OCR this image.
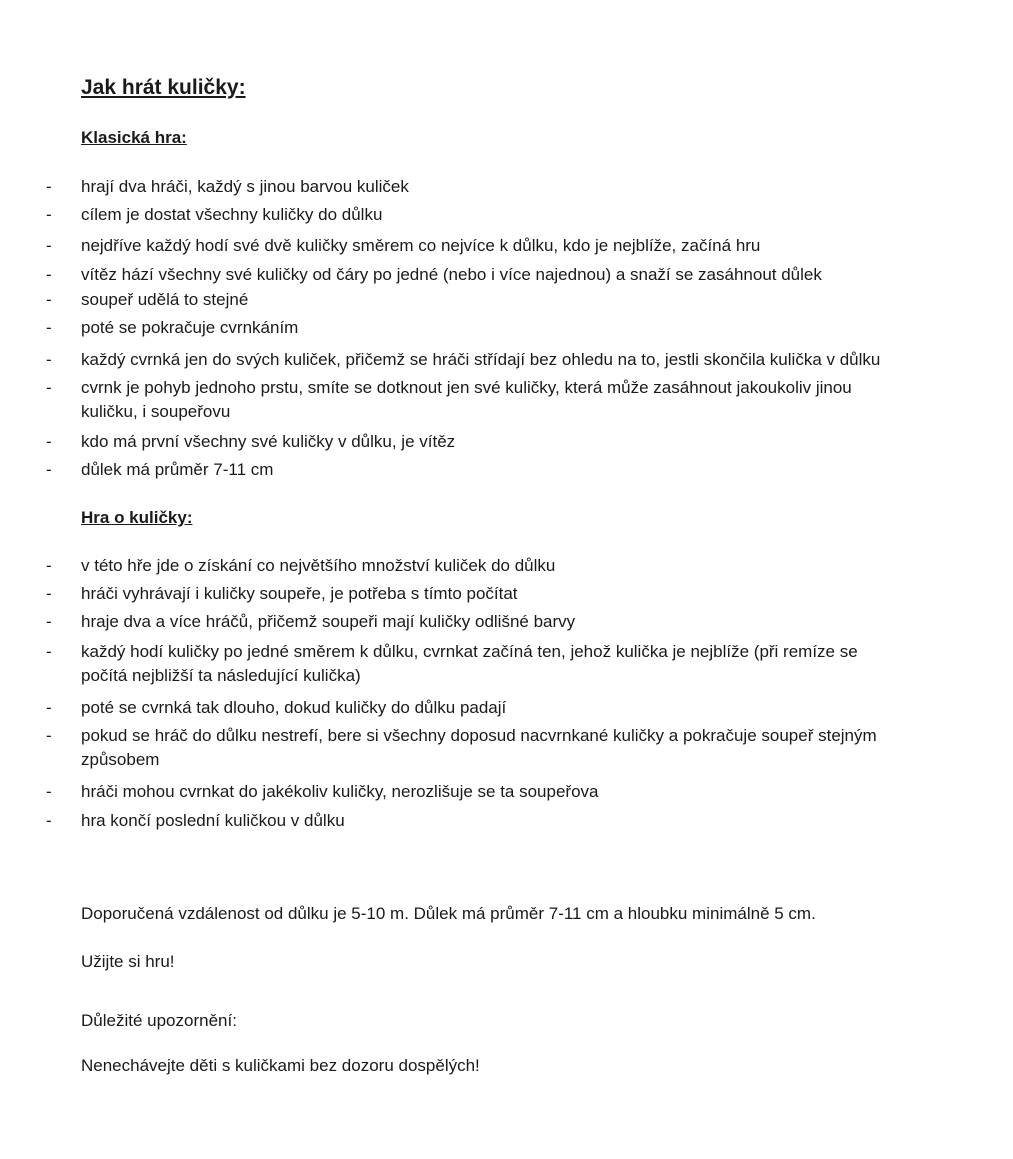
Jak hrát kuličky:
Klasická hra:
- hrají dva hráči, každý s jinou barvou kuliček
- cílem je dostat všechny kuličky do důlku
- nejdříve každý hodí své dvě kuličky směrem co nejvíce k důlku, kdo je nejblíže, začíná hru
- vítěz hází všechny své kuličky od čáry po jedné (nebo i více najednou) a snaží se zasáhnout důlek
- soupeř udělá to stejné
- poté se pokračuje cvrnkáním
- každý cvrnká jen do svých kuliček, přičemž se hráči střídají bez ohledu na to, jestli skončila kulička v důlku
- cvrnk je pohyb jednoho prstu, smíte se dotknout jen své kuličky, která může zasáhnout jakoukoliv jinou
kuličku, i soupeřovu
- kdo má první všechny své kuličky v důlku, je vítěz
- důlek má průměr 7-11 cm
Hra o kuličky:
- v této hře jde o získání co největšího množství kuliček do důlku
- hráči vyhrávají i kuličky soupeře, je potřeba s tímto počítat
- hraje dva a více hráčů, přičemž soupeři mají kuličky odlišné barvy
- každý hodí kuličky po jedné směrem k důlku, cvrnkat začíná ten, jehož kulička je nejblíže (při remíze se
počítá nejbližší ta následující kulička)
- poté se cvrnká tak dlouho, dokud kuličky do důlku padají
- pokud se hráč do důlku nestrefí, bere si všechny doposud nacvrnkané kuličky a pokračuje soupeř stejným
způsobem
- hráči mohou cvrnkat do jakékoliv kuličky, nerozlišuje se ta soupeřova
- hra končí poslední kuličkou v důlku

Doporučená vzdálenost od důlku je 5-10 m. Důlek má průměr 7-11 cm a hloubku minimálně 5 cm.

Užijte si hru!

Důležité upozornění:

Nenechávejte děti s kuličkami bez dozoru dospělých!
